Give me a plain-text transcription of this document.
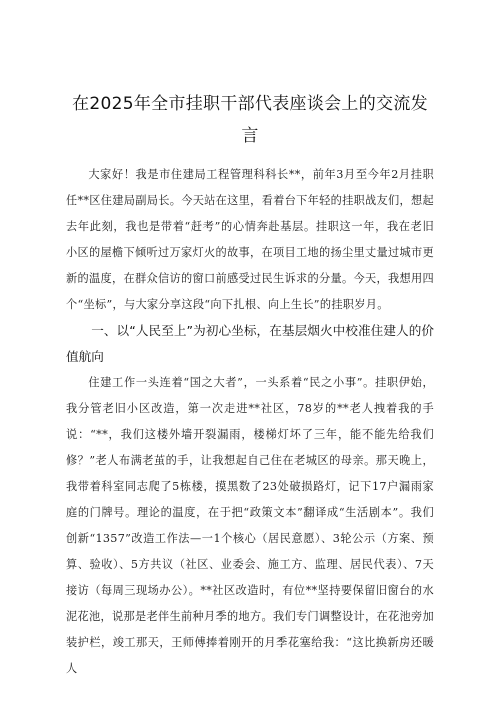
在2025年全市挂职干部代表座谈会上的交流发言

大家好！我是市住建局工程管理科科长**，前年3月至今年2月挂职任**区住建局副局长。今天站在这里，看着台下年轻的挂职战友们，想起去年此刻，我也是带着“赶考”的心情奔赴基层。挂职这一年，我在老旧小区的屋檐下倾听过万家灯火的故事，在项目工地的扬尘里丈量过城市更新的温度，在群众信访的窗口前感受过民生诉求的分量。今天，我想用四个“坐标”，与大家分享这段“向下扎根、向上生长”的挂职岁月。

一、以“人民至上”为初心坐标，在基层烟火中校准住建人的价值航向

住建工作一头连着“国之大者”，一头系着“民之小事”。挂职伊始，我分管老旧小区改造，第一次走进**社区，78岁的**老人拽着我的手说：“**，我们这楼外墙开裂漏雨，楼梯灯坏了三年，能不能先给我们修？”老人布满老茧的手，让我想起自己住在老城区的母亲。那天晚上，我带着科室同志爬了5栋楼，摸黑数了23处破损路灯，记下17户漏雨家庭的门牌号。理论的温度，在于把“政策文本”翻译成“生活剧本”。我们创新“1357”改造工作法—一1个核心（居民意愿）、3轮公示（方案、预算、验收）、5方共议（社区、业委会、施工方、监理、居民代表）、7天接访（每周三现场办公）。**社区改造时，有位**坚持要保留旧窗台的水泥花池，说那是老伴生前种月季的地方。我们专门调整设计，在花池旁加装护栏，竣工那天，王师傅捧着刚开的月季花塞给我：“这比换新房还暖人
